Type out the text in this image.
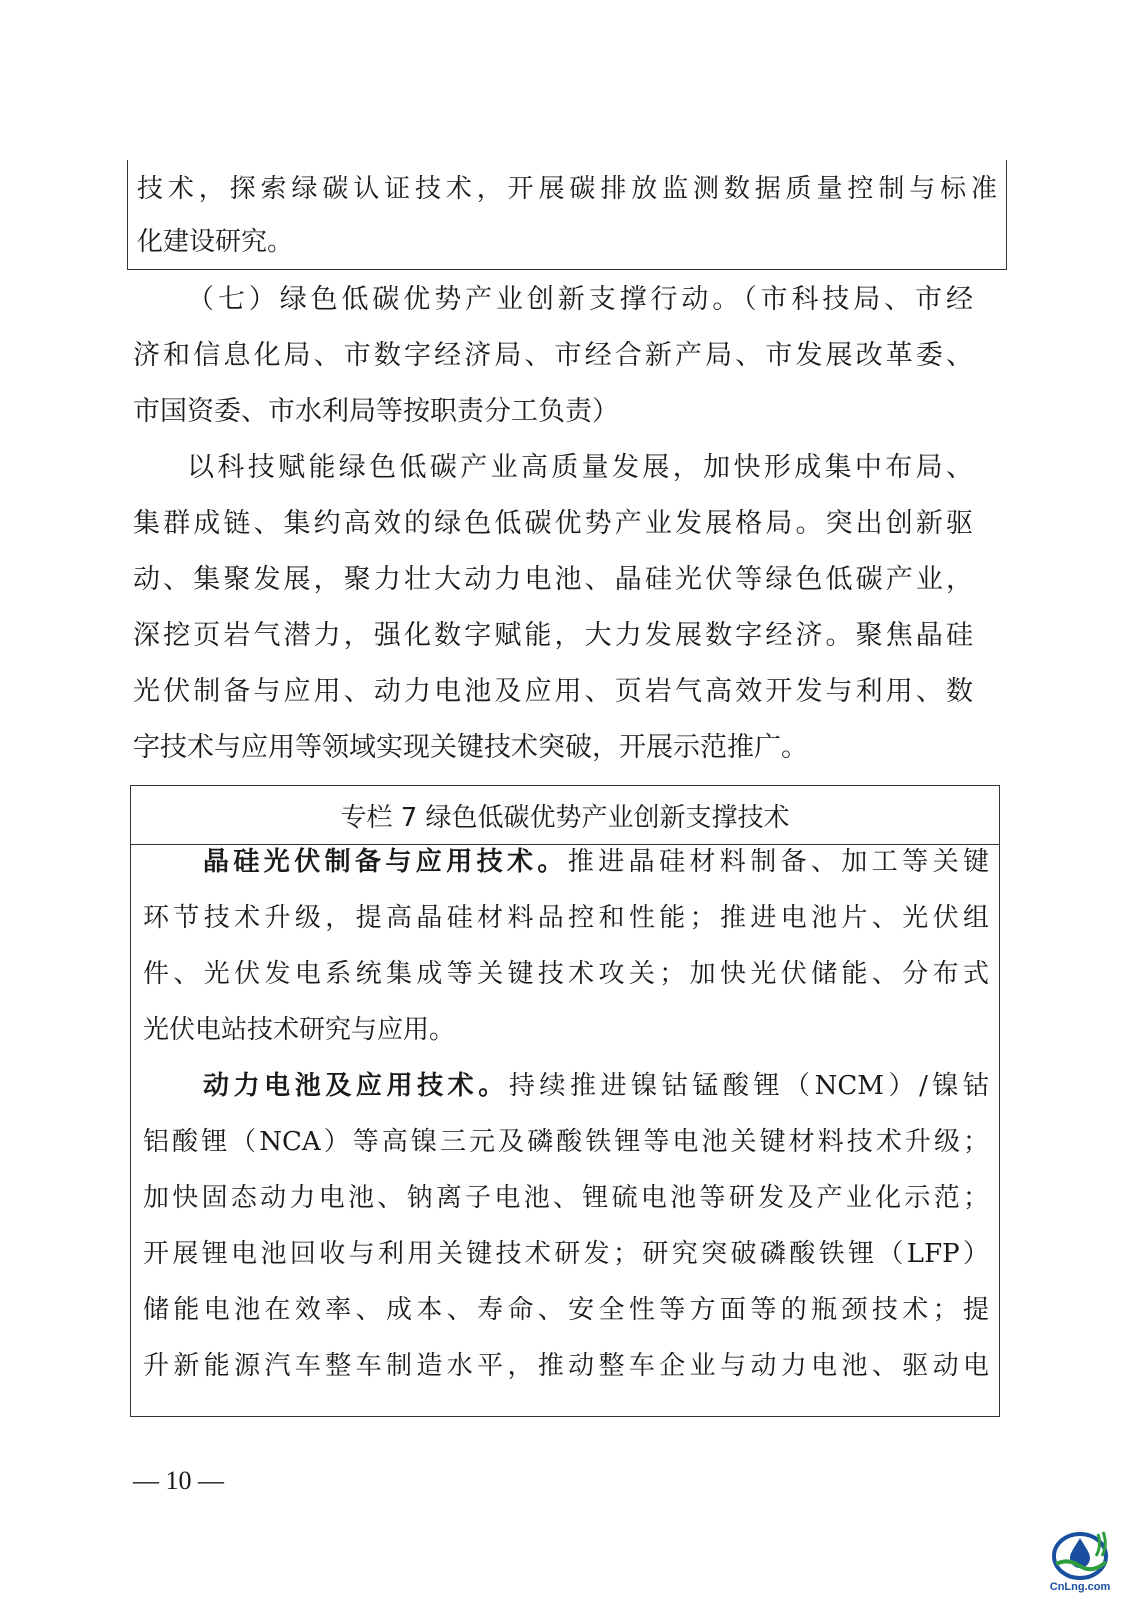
技术，探索绿碳认证技术，开展碳排放监测数据质量控制与标准
化建设研究。
（七）绿色低碳优势产业创新支撑行动。（市科技局、市经
济和信息化局、市数字经济局、市经合新产局、市发展改革委、
市国资委、市水利局等按职责分工负责）
以科技赋能绿色低碳产业高质量发展，加快形成集中布局、
集群成链、集约高效的绿色低碳优势产业发展格局。突出创新驱
动、集聚发展，聚力壮大动力电池、晶硅光伏等绿色低碳产业，
深挖页岩气潜力，强化数字赋能，大力发展数字经济。聚焦晶硅
光伏制备与应用、动力电池及应用、页岩气高效开发与利用、数
字技术与应用等领域实现关键技术突破，开展示范推广。
专栏 7 绿色低碳优势产业创新支撑技术
晶硅光伏制备与应用技术。推进晶硅材料制备、加工等关键
环节技术升级，提高晶硅材料品控和性能；推进电池片、光伏组
件、光伏发电系统集成等关键技术攻关；加快光伏储能、分布式
光伏电站技术研究与应用。
动力电池及应用技术。持续推进镍钴锰酸锂（NCM）/镍钴
铝酸锂（NCA）等高镍三元及磷酸铁锂等电池关键材料技术升级；
加快固态动力电池、钠离子电池、锂硫电池等研发及产业化示范；
开展锂电池回收与利用关键技术研发；研究突破磷酸铁锂（LFP）
储能电池在效率、成本、寿命、安全性等方面等的瓶颈技术；提
升新能源汽车整车制造水平，推动整车企业与动力电池、驱动电
— 10 —
CnLng.com
